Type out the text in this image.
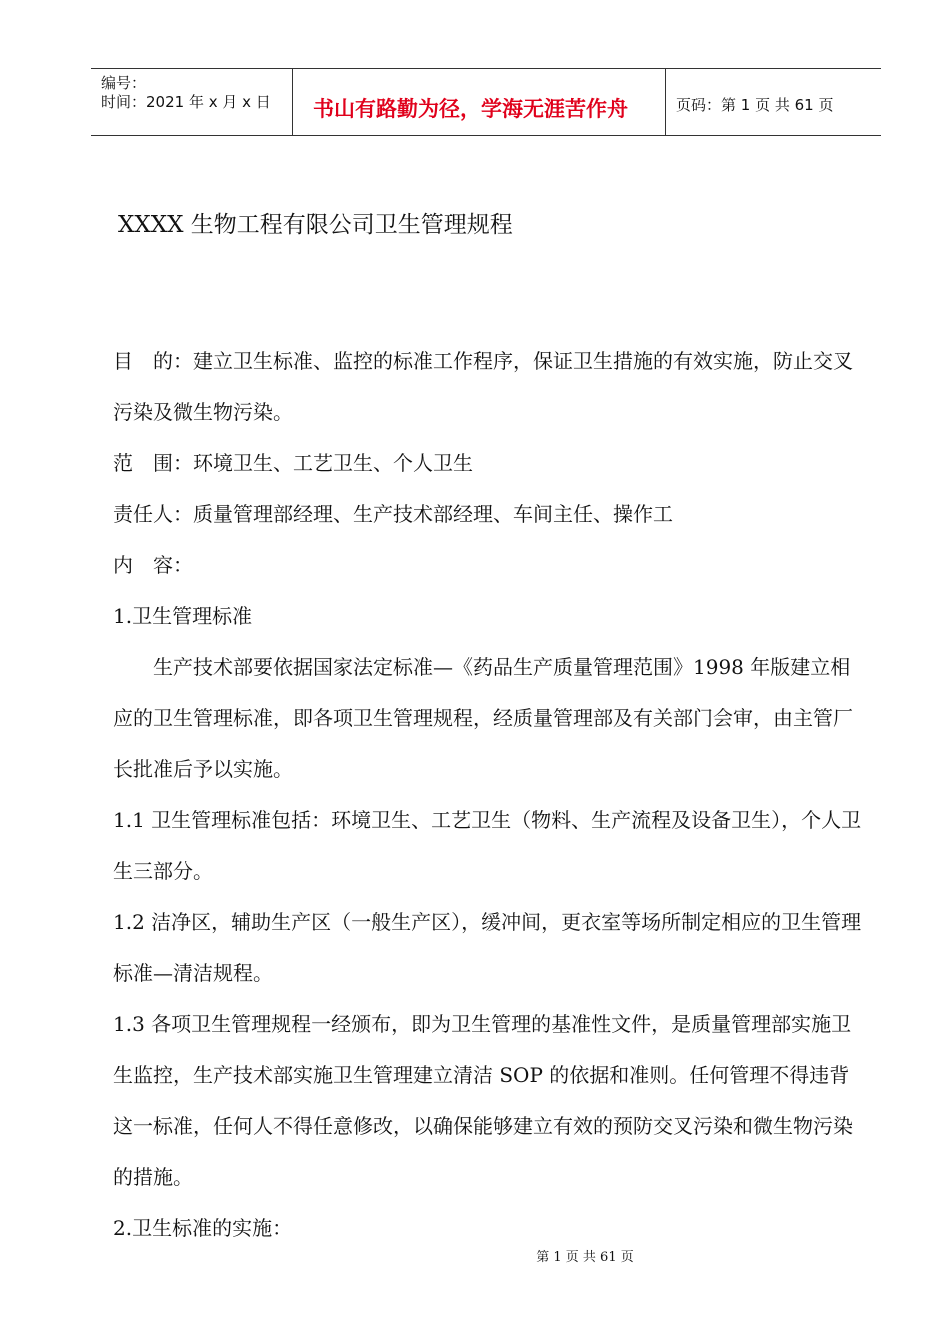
编号：
时间：2021 年 x 月 x 日 书山有路勤为径，学海无涯苦作舟	页码：第 1 页 共 61 页
XXXX 生物工程有限公司卫生管理规程

目　的：建立卫生标准、监控的标准工作程序，保证卫生措施的有效实施，防止交叉污染及微生物污染。

范　围：环境卫生、工艺卫生、个人卫生

责任人：质量管理部经理、生产技术部经理、车间主任、操作工

内　容：

1.卫生管理标准

生产技术部要依据国家法定标准—《药品生产质量管理范围》1998 年版建立相应的卫生管理标准，即各项卫生管理规程，经质量管理部及有关部门会审，由主管厂长批准后予以实施。

1.1 卫生管理标准包括：环境卫生、工艺卫生（物料、生产流程及设备卫生），个人卫生三部分。

1.2 洁净区，辅助生产区（一般生产区），缓冲间，更衣室等场所制定相应的卫生管理标准—清洁规程。

1.3 各项卫生管理规程一经颁布，即为卫生管理的基准性文件，是质量管理部实施卫生监控，生产技术部实施卫生管理建立清洁 SOP 的依据和准则。任何管理不得违背这一标准，任何人不得任意修改，以确保能够建立有效的预防交叉污染和微生物污染的措施。

2.卫生标准的实施：

第 1 页 共 61 页
